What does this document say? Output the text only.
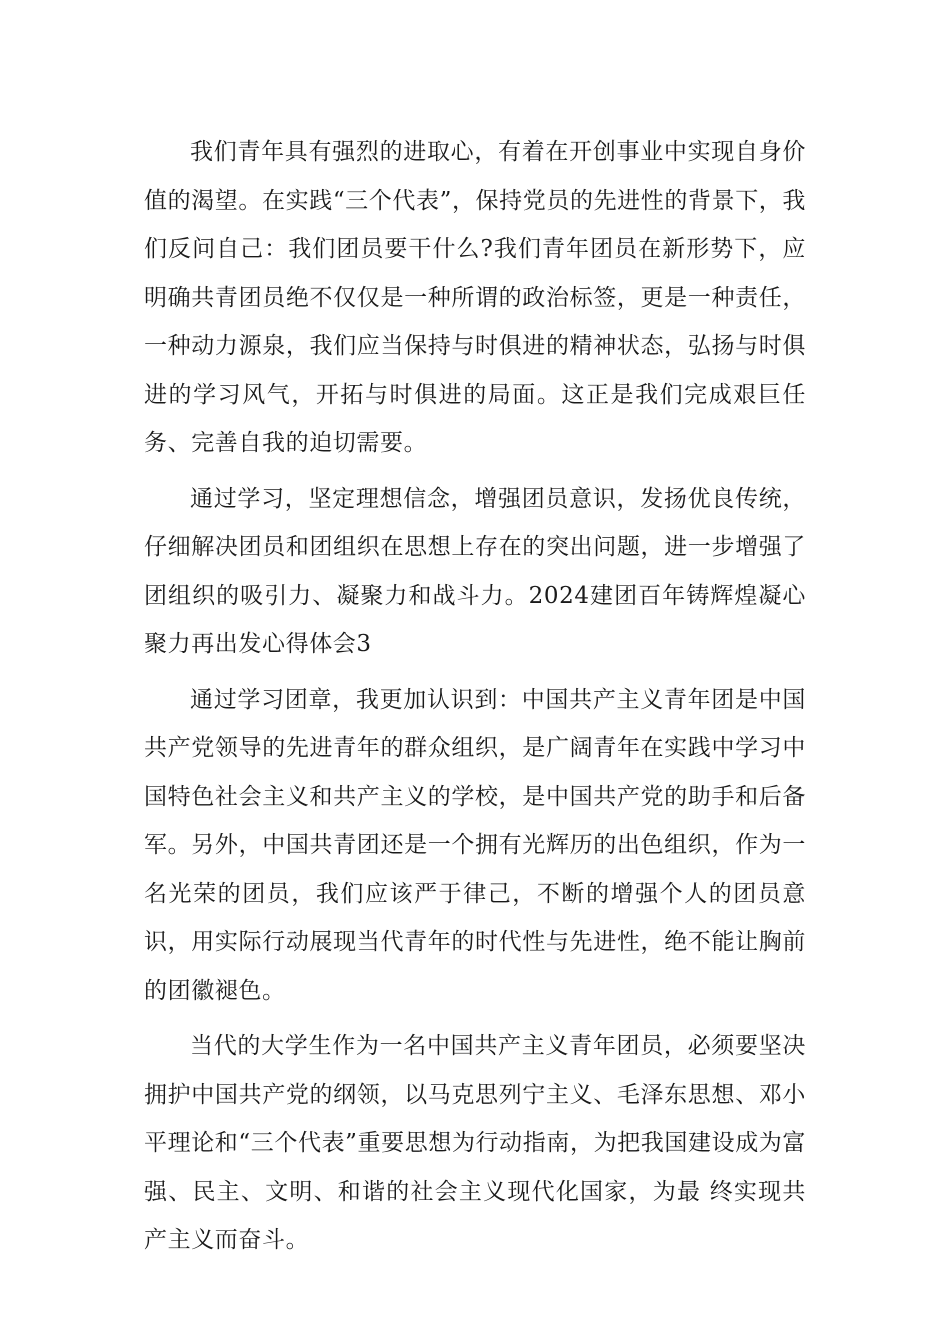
我们青年具有强烈的进取心，有着在开创事业中实现自身价值的渴望。在实践“三个代表”，保持党员的先进性的背景下，我们反问自己：我们团员要干什么?我们青年团员在新形势下，应明确共青团员绝不仅仅是一种所谓的政治标签，更是一种责任，一种动力源泉，我们应当保持与时俱进的精神状态，弘扬与时俱进的学习风气，开拓与时俱进的局面。这正是我们完成艰巨任务、完善自我的迫切需要。

通过学习，坚定理想信念，增强团员意识，发扬优良传统，仔细解决团员和团组织在思想上存在的突出问题，进一步增强了团组织的吸引力、凝聚力和战斗力。2024建团百年铸辉煌凝心聚力再出发心得体会3

通过学习团章，我更加认识到：中国共产主义青年团是中国共产党领导的先进青年的群众组织，是广阔青年在实践中学习中国特色社会主义和共产主义的学校，是中国共产党的助手和后备军。另外，中国共青团还是一个拥有光辉历的出色组织，作为一名光荣的团员，我们应该严于律己，不断的增强个人的团员意识，用实际行动展现当代青年的时代性与先进性，绝不能让胸前的团徽褪色。

当代的大学生作为一名中国共产主义青年团员，必须要坚决拥护中国共产党的纲领，以马克思列宁主义、毛泽东思想、邓小平理论和“三个代表”重要思想为行动指南，为把我国建设成为富强、民主、文明、和谐的社会主义现代化国家，为最 终实现共产主义而奋斗。
